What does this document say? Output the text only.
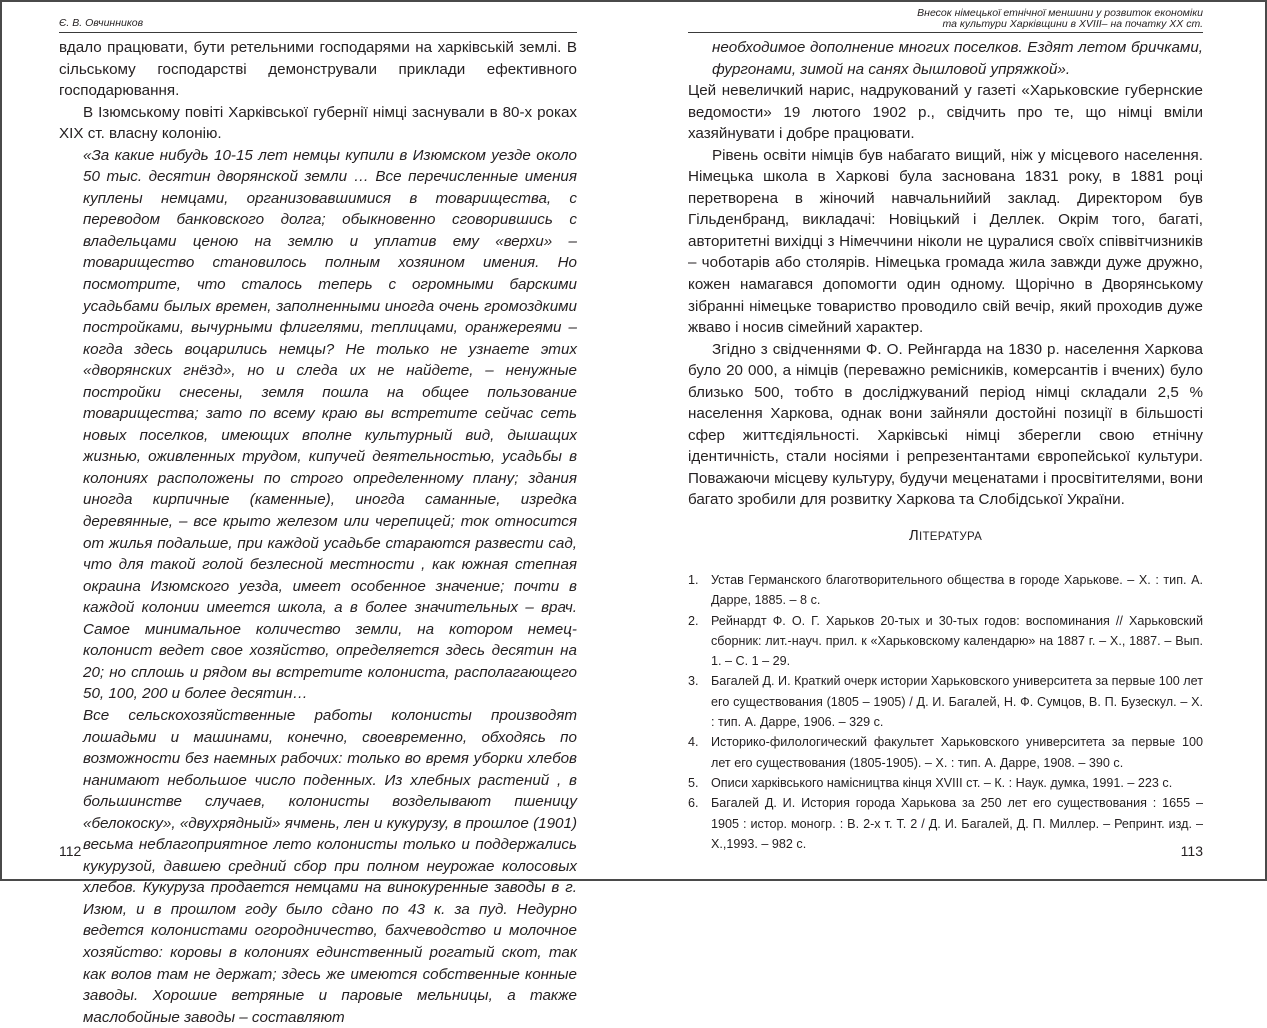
Є. В. Овчинников

вдало працювати, бути ретельними господарями на харківській землі. В сільському господарстві демонстрували приклади ефективного господарювання.

В Ізюмському повіті Харківської губернії німці заснували в 80-х роках XIX ст. власну колонію.

«За какие нибудь 10-15 лет немцы купили в Изюмском уезде около 50 тыс. десятин дворянской земли … Все перечисленные имения куплены немцами, организовавшимися в товарищества, с переводом банковского долга; обыкновенно сговорившись с владельцами ценою на землю и уплатив ему «верхи» – товарищество становилось полным хозяином имения. Но посмотрите, что сталось теперь с огромными барскими усадьбами былых времен, заполненными иногда очень громоздкими постройками, вычурными флигелями, теплицами, оранжереями – когда здесь воцарились немцы? Не только не узнаете этих «дворянских гнёзд», но и следа их не найдете, – ненужные постройки снесены, земля пошла на общее пользование товарищества; зато по всему краю вы встретите сейчас сеть новых поселков, имеющих вполне культурный вид, дышащих жизнью, оживленных трудом, кипучей деятельностью, усадьбы в колониях расположены по строго определенному плану; здания иногда кирпичные (каменные), иногда саманные, изредка деревянные, – все крыто железом или черепицей; ток относится от жилья подальше, при каждой усадьбе стараются развести сад, что для такой голой безлесной местности , как южная степная окраина Изюмского уезда, имеет особенное значение; почти в каждой колонии имеется школа, а в более значительных – врач. Самое минимальное количество земли, на котором немец-колонист ведет свое хозяйство, определяется здесь десятин на 20; но сплошь и рядом вы встретите колониста, располагающего 50, 100, 200 и более десятин…

Все сельскохозяйственные работы колонисты производят лошадьми и машинами, конечно, своевременно, обходясь по возможности без наемных рабочих: только во время уборки хлебов нанимают небольшое число поденных. Из хлебных растений , в большинстве случаев, колонисты возделывают пшеницу «белокоску», «двухрядный» ячмень, лен и кукурузу, в прошлое (1901) весьма неблагоприятное лето колонисты только и поддержались кукурузой, давшею средний сбор при полном неурожае колосовых хлебов. Кукуруза продается немцами на винокуренные заводы в г. Изюм, и в прошлом году было сдано по 43 к. за пуд. Недурно ведется колонистами огородничество, бахчеводство и молочное хозяйство: коровы в колониях единственный рогатый скот, так как волов там не держат; здесь же имеются собственные конные заводы. Хорошие ветряные и паровые мельницы, а также маслобойные заводы – составляют

112
Внесок німецької етнічної меншини у розвиток економіки
та культури Харківщини в XVIII– на початку XX ст.

необходимое дополнение многих поселков. Ездят летом бричками, фургонами, зимой на санях дышловой упряжкой».

Цей невеличкий нарис, надрукований у газеті «Харьковские губернские ведомости» 19 лютого 1902 р., свідчить про те, що німці вміли хазяйнувати і добре працювати.

Рівень освіти німців був набагато вищий, ніж у місцевого населення. Німецька школа в Харкові була заснована 1831 року, в 1881 році перетворена в жіночий навчальнийий заклад. Директором був Гільденбранд, викладачі: Новіцький і Деллек. Окрім того, багаті, авторитетні вихідці з Німеччини ніколи не цуралися своїх співвітчизників – чоботарів або столярів. Німецька громада жила завжди дуже дружно, кожен намагався допомогти один одному. Щорічно в Дворянському зібранні німецьке товариство проводило свій вечір, який проходив дуже жваво і носив сімейний характер.

Згідно з свідченнями Ф. О. Рейнгарда на 1830 р. населення Харкова було 20 000, а німців (переважно ремісників, комерсантів і вчених) було близько 500, тобто в досліджуваний період німці складали 2,5 % населення Харкова, однак вони зайняли достойні позиції в більшості сфер життєдіяльності. Харківські німці зберегли свою етнічну ідентичність, стали носіями і репрезентантами європейської культури. Поважаючи місцеву культуру, будучи меценатами і просвітителями, вони багато зробили для розвитку Харкова та Слобідської України.

ЛІТЕРАТУРА
1. Устав Германского благотворительного общества в городе Харькове. – Х. : тип. А. Дарре, 1885. – 8 с.
2. Рейнардт Ф. О. Г. Харьков 20-тых и 30-тых годов: воспоминания // Харьковский сборник: лит.-науч. прил. к «Харьковскому календарю» на 1887 г. – Х., 1887. – Вып. 1. – С. 1 – 29.
3. Багалей Д. И. Краткий очерк истории Харьковского университета за первые 100 лет его существования (1805 – 1905) / Д. И. Багалей, Н. Ф. Сумцов, В. П. Бузескул. – Х. : тип. А. Дарре, 1906. – 329 с.
4. Историко-филологический факультет Харьковского университета за первые 100 лет его существования (1805-1905). – Х. : тип. А. Дарре, 1908. – 390 с.
5. Описи харківського намісництва кінця XVIII ст. – К. : Наук. думка, 1991. – 223 с.
6. Багалей Д. И. История города Харькова за 250 лет его существования : 1655 – 1905 : истор. моногр. : В. 2-х т. Т. 2 / Д. И. Багалей, Д. П. Миллер. – Репринт. изд. – Х.,1993. – 982 с.	113
